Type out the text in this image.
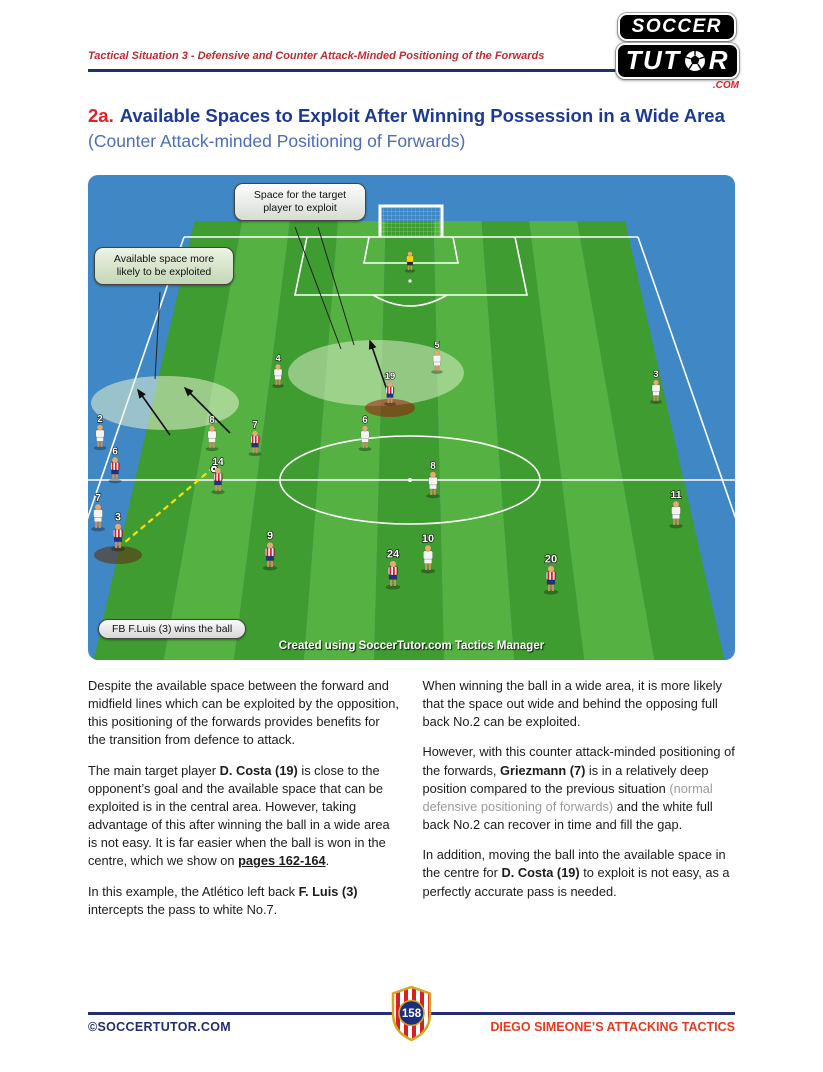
Tactical Situation 3 - Defensive and Counter Attack-Minded Positioning of the Forwards
SOCCER
TUT R
.COM
2a. Available Spaces to Exploit After Winning Possession in a Wide Area (Counter Attack-minded Positioning of Forwards)
5
4
3
19
2	8	6
7
6
14	8
11
7
3
9	10
24	20
Space for the target player to exploit
Available space more likely to be exploited
FB F.Luis (3) wins the ball
Created using SoccerTutor.com Tactics Manager

Despite the available space between the forward and midfield lines which can be exploited by the opposition, this positioning of the forwards provides benefits for the transition from defence to attack.

The main target player D. Costa (19) is close to the opponent’s goal and the available space that can be exploited is in the central area. However, taking advantage of this after winning the ball in a wide area is not easy. It is far easier when the ball is won in the centre, which we show on pages 162-164.

In this example, the Atlético left back F. Luis (3) intercepts the pass to white No.7.

When winning the ball in a wide area, it is more likely that the space out wide and behind the opposing full back No.2 can be exploited.

However, with this counter attack-minded positioning of the forwards, Griezmann (7) is in a relatively deep position compared to the previous situation (normal defensive positioning of forwards) and the white full back No.2 can recover in time and fill the gap.

In addition, moving the ball into the available space in the centre for D. Costa (19) to exploit is not easy, as a perfectly accurate pass is needed.

158
©SOCCERTUTOR.COM	DIEGO SIMEONE’S ATTACKING TACTICS
